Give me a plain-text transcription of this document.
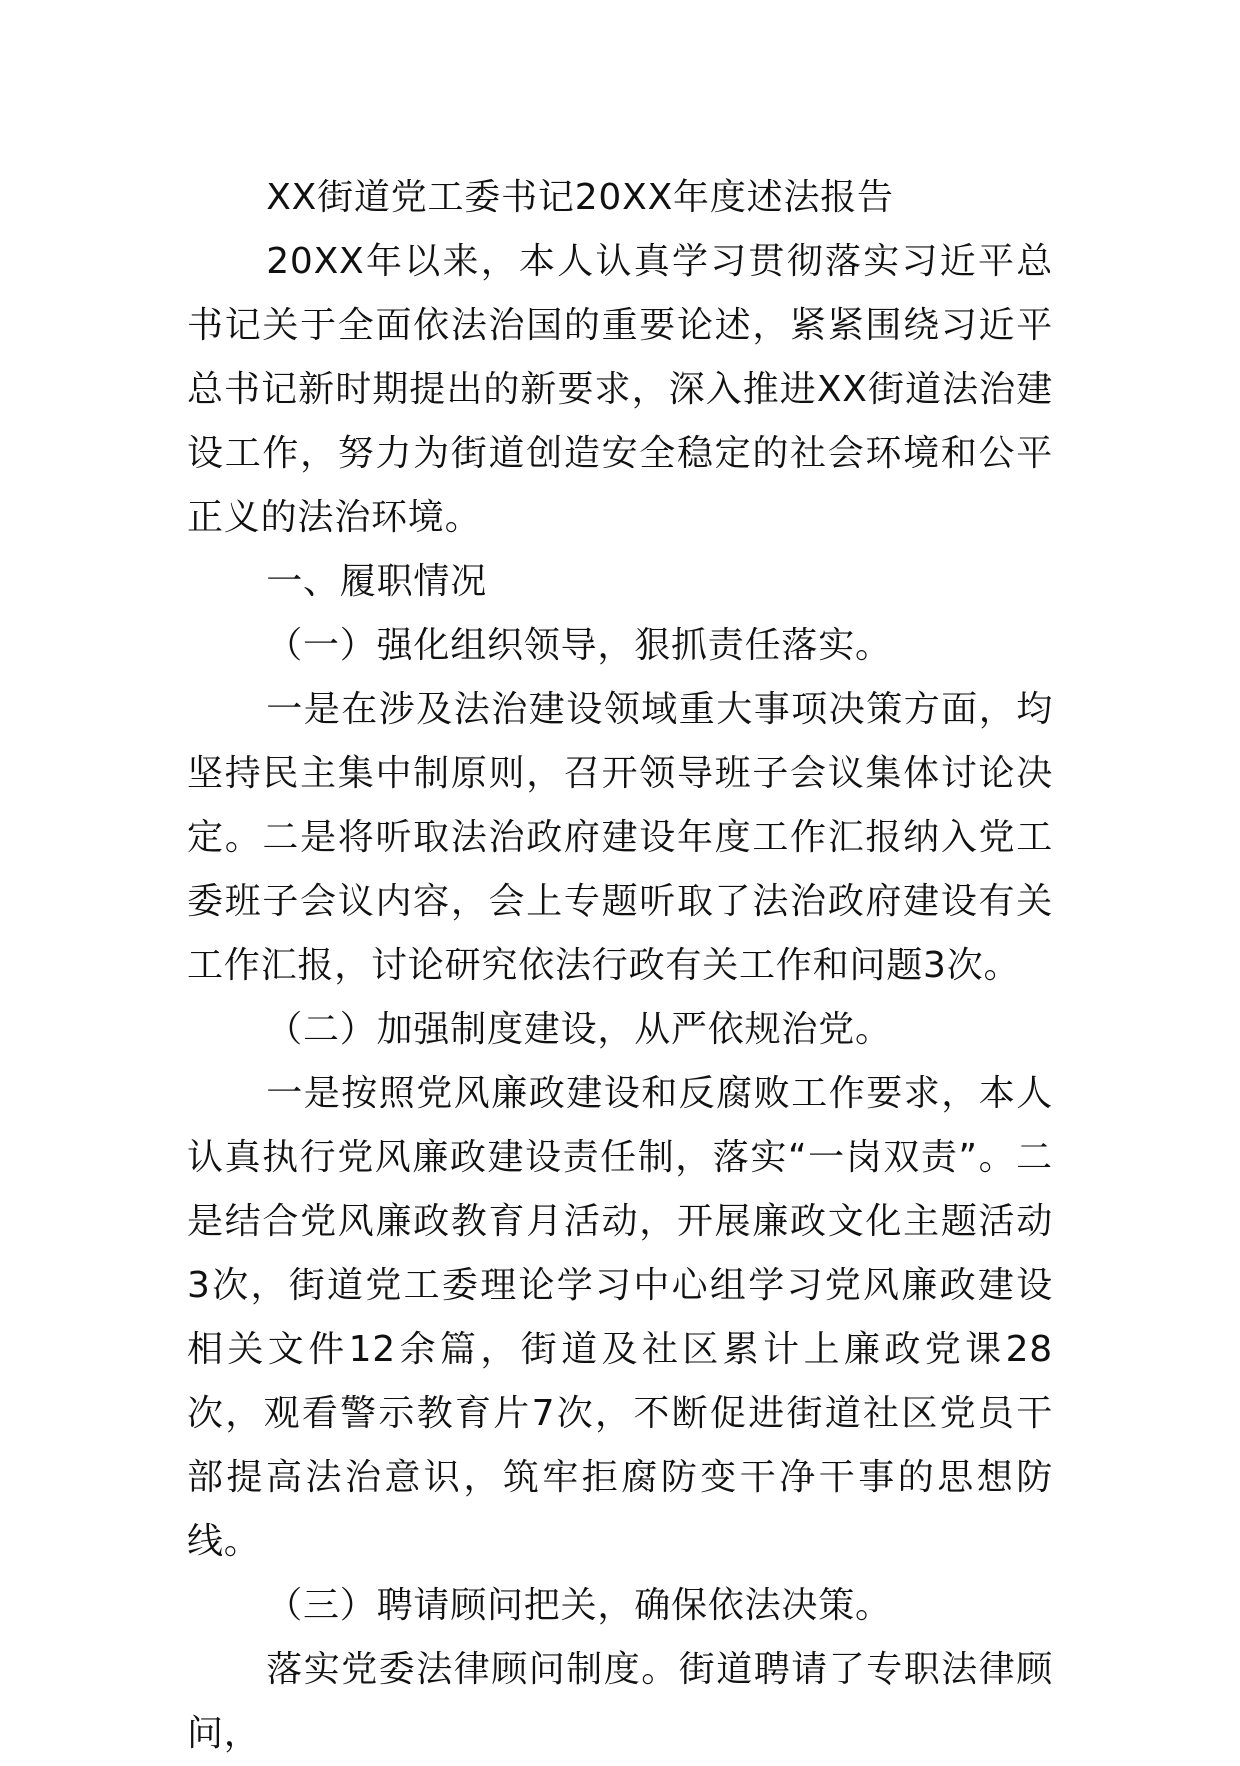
XX街道党工委书记20XX年度述法报告

20XX年以来，本人认真学习贯彻落实习近平总书记关于全面依法治国的重要论述，紧紧围绕习近平总书记新时期提出的新要求，深入推进XX街道法治建设工作，努力为街道创造安全稳定的社会环境和公平正义的法治环境。

一、履职情况

（一）强化组织领导，狠抓责任落实。

一是在涉及法治建设领域重大事项决策方面，均坚持民主集中制原则，召开领导班子会议集体讨论决定。二是将听取法治政府建设年度工作汇报纳入党工委班子会议内容，会上专题听取了法治政府建设有关工作汇报，讨论研究依法行政有关工作和问题3次。

（二）加强制度建设，从严依规治党。

一是按照党风廉政建设和反腐败工作要求，本人认真执行党风廉政建设责任制，落实“一岗双责”。二是结合党风廉政教育月活动，开展廉政文化主题活动3次，街道党工委理论学习中心组学习党风廉政建设相关文件12余篇，街道及社区累计上廉政党课28次，观看警示教育片7次，不断促进街道社区党员干部提高法治意识，筑牢拒腐防变干净干事的思想防线。

（三）聘请顾问把关，确保依法决策。

落实党委法律顾问制度。街道聘请了专职法律顾问，
